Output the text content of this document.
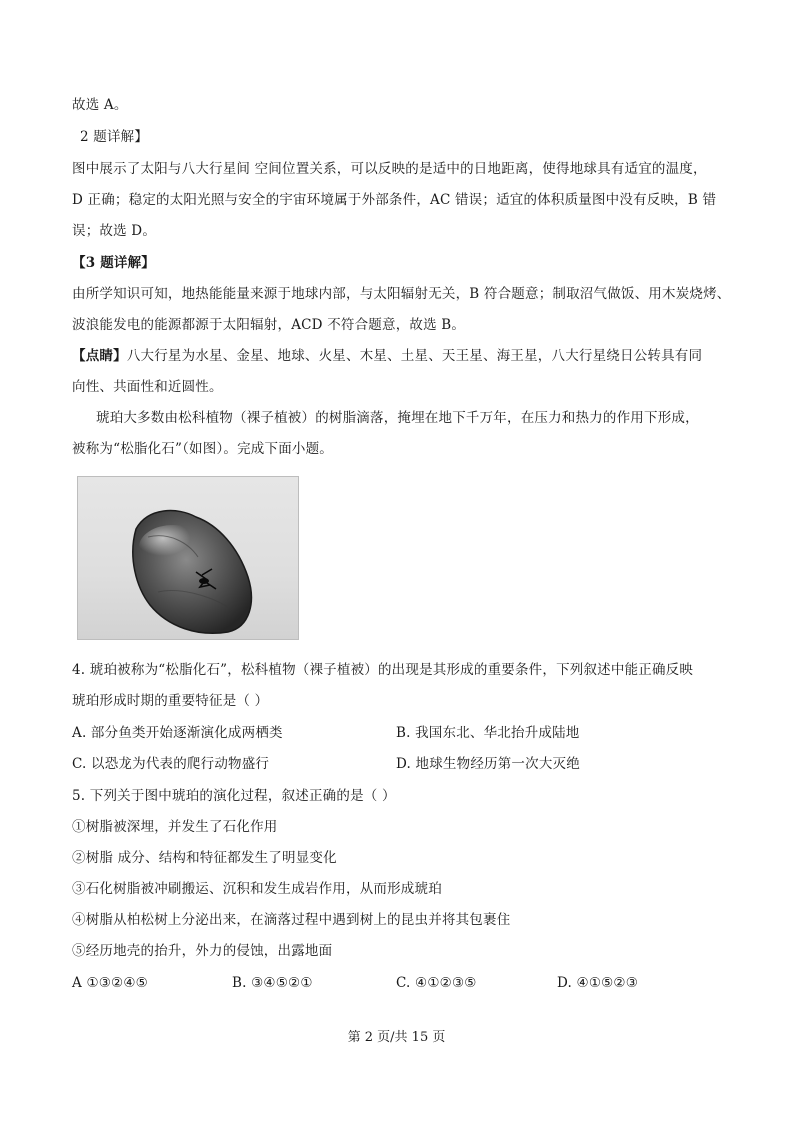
故选 A。
2 题详解】
图中展示了太阳与八大行星间 空间位置关系，可以反映的是适中的日地距离，使得地球具有适宜的温度，
D 正确；稳定的太阳光照与安全的宇宙环境属于外部条件，AC 错误；适宜的体积质量图中没有反映，B 错
误；故选 D。
【3 题详解】
由所学知识可知，地热能能量来源于地球内部，与太阳辐射无关，B 符合题意；制取沼气做饭、用木炭烧烤、
波浪能发电的能源都源于太阳辐射，ACD 不符合题意，故选 B。
【点睛】八大行星为水星、金星、地球、火星、木星、土星、天王星、海王星，八大行星绕日公转具有同
向性、共面性和近圆性。
琥珀大多数由松科植物（裸子植被）的树脂滴落，掩埋在地下千万年，在压力和热力的作用下形成，
被称为“松脂化石”（如图）。完成下面小题。
4. 琥珀被称为“松脂化石”，松科植物（裸子植被）的出现是其形成的重要条件，下列叙述中能正确反映
琥珀形成时期的重要特征是（ ）
A. 部分鱼类开始逐渐演化成两栖类	B. 我国东北、华北抬升成陆地
C. 以恐龙为代表的爬行动物盛行	D. 地球生物经历第一次大灭绝
5. 下列关于图中琥珀的演化过程，叙述正确的是（ ）
①树脂被深埋，并发生了石化作用
②树脂 成分、结构和特征都发生了明显变化
③石化树脂被冲刷搬运、沉积和发生成岩作用，从而形成琥珀
④树脂从柏松树上分泌出来，在滴落过程中遇到树上的昆虫并将其包裹住
⑤经历地壳的抬升，外力的侵蚀，出露地面
A ①③②④⑤	B. ③④⑤②①	C. ④①②③⑤	D. ④①⑤②③
第 2 页/共 15 页
